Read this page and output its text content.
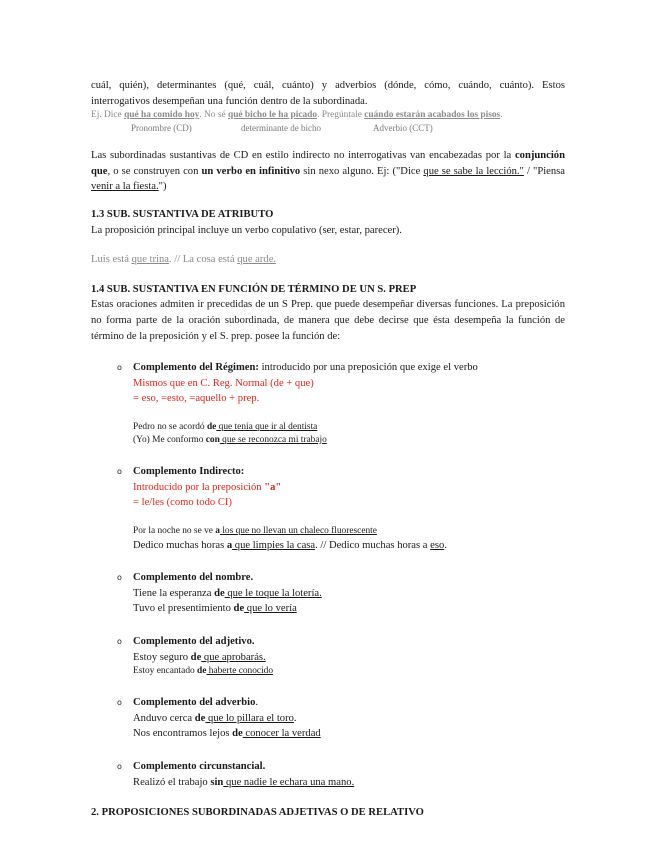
cuál, quién), determinantes (qué, cuál, cuánto) y adverbios (dónde, cómo, cuándo, cuánto). Estos

interrogativos desempeñan una función dentro de la subordinada.

Ej. Dice qué ha comido hoy. No sé qué bicho le ha picado. Pregúntale cuándo estarán acabados los pisos.

Pronombre (CD)	determinante de bicho	Adverbio (CCT)

Las subordinadas sustantivas de CD en estilo indirecto no interrogativas van encabezadas por la conjunción que, o se construyen con un verbo en infinitivo sin nexo alguno. Ej: ("Dice que se sabe la lección." / "Piensa venir a la fiesta.")

1.3 SUB. SUSTANTIVA DE ATRIBUTO

La proposición principal incluye un verbo copulativo (ser, estar, parecer).

Luis está que trina. // La cosa está que arde.

1.4 SUB. SUSTANTIVA EN FUNCIÓN DE TÉRMINO DE UN S. PREP

Estas oraciones admiten ir precedidas de un S Prep. que puede desempeñar diversas funciones. La preposición no forma parte de la oración subordinada, de manera que debe decirse que ésta desempeña la función de término de la preposición y el S. prep. posee la función de:

o Complemento del Régimen: introducido por una preposición que exige el verbo

Mismos que en C. Reg. Normal (de + que)

= eso, =esto, =aquello + prep.

Pedro no se acordó de que tenía que ir al dentista

(Yo) Me conformo con que se reconozca mi trabajo

o Complemento Indirecto:

Introducido por la preposición "a"

= le/les (como todo CI)

Por la noche no se ve a los que no llevan un chaleco fluorescente

Dedico muchas horas a que limpies la casa. // Dedico muchas horas a eso.

o Complemento del nombre.

Tiene la esperanza de que le toque la lotería.

Tuvo el presentimiento de que lo vería

o Complemento del adjetivo.

Estoy seguro de que aprobarás.

Estoy encantado de haberte conocido

o Complemento del adverbio.

Anduvo cerca de que lo pillara el toro.

Nos encontramos lejos de conocer la verdad

o Complemento circunstancial.

Realizó el trabajo sin que nadie le echara una mano.

2. PROPOSICIONES SUBORDINADAS ADJETIVAS O DE RELATIVO
